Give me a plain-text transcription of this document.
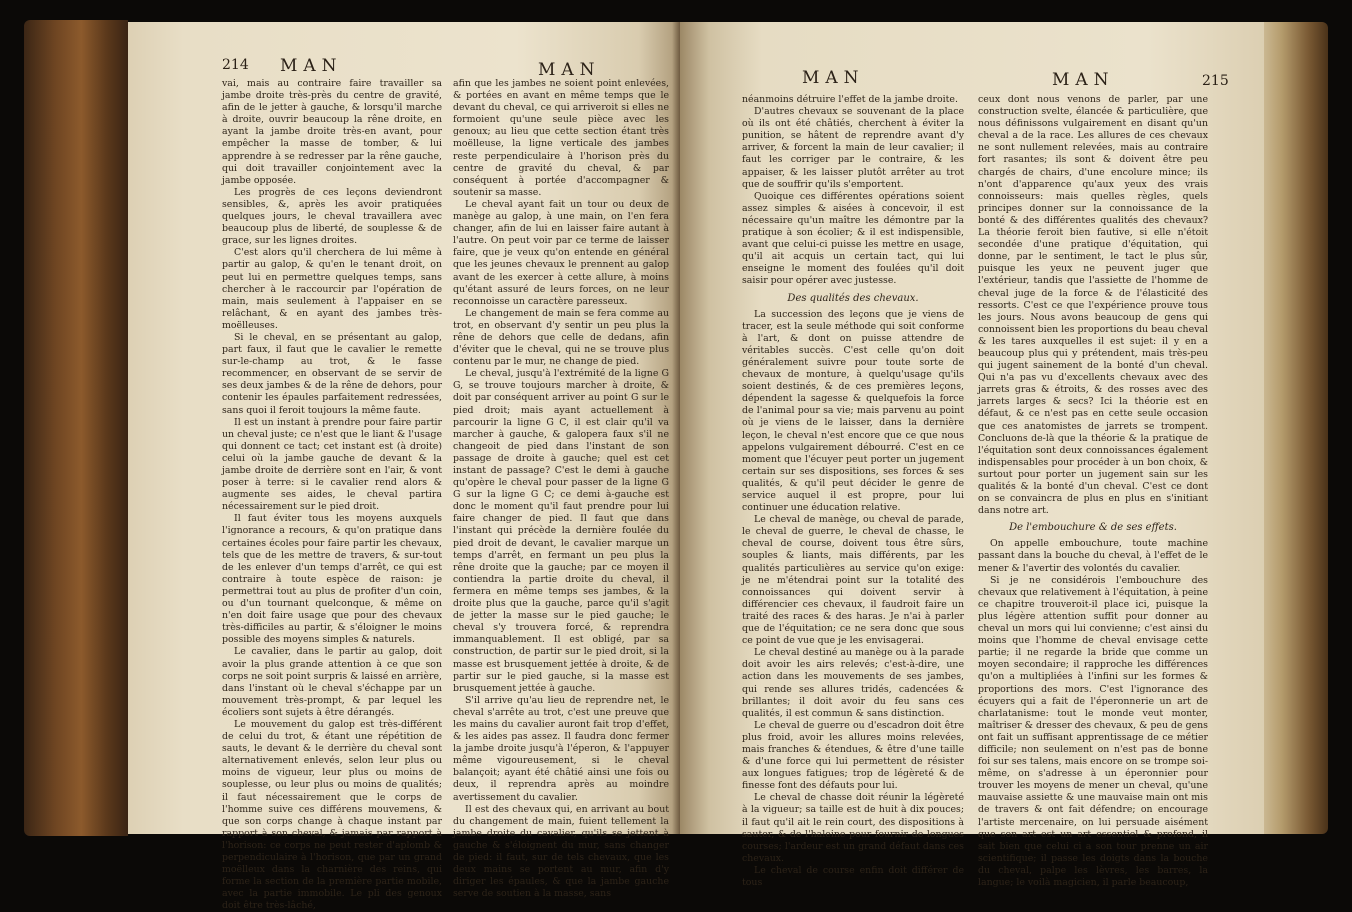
214 MAN	MAN

vai, mais au contraire faire travailler sa jambe droite très-près du centre de gravité, afin de le jetter à gauche, & lorsqu'il marche à droite, ouvrir beaucoup la rêne droite, en ayant la jambe droite très-en avant, pour empêcher la masse de tomber, & lui apprendre à se redresser par la rêne gauche, qui doit travailler conjointement avec la jambe opposée.

Les progrès de ces leçons deviendront sensibles, &, après les avoir pratiquées quelques jours, le cheval travaillera avec beaucoup plus de liberté, de souplesse & de grace, sur les lignes droites.

C'est alors qu'il cherchera de lui même à partir au galop, & qu'en le tenant droit, on peut lui en permettre quelques temps, sans chercher à le raccourcir par l'opération de main, mais seulement à l'appaiser en se relâchant, & en ayant des jambes très-moëlleuses.

Si le cheval, en se présentant au galop, part faux, il faut que le cavalier le remette sur-le-champ au trot, & le fasse recommencer, en observant de se servir de ses deux jambes & de la rêne de dehors, pour contenir les épaules parfaitement redressées, sans quoi il feroit toujours la même faute.

Il est un instant à prendre pour faire partir un cheval juste; ce n'est que le liant & l'usage qui donnent ce tact; cet instant est (à droite) celui où la jambe gauche de devant & la jambe droite de derrière sont en l'air, & vont poser à terre: si le cavalier rend alors & augmente ses aides, le cheval partira nécessairement sur le pied droit.

Il faut éviter tous les moyens auxquels l'ignorance a recours, & qu'on pratique dans certaines écoles pour faire partir les chevaux, tels que de les mettre de travers, & sur-tout de les enlever d'un temps d'arrêt, ce qui est contraire à toute espèce de raison: je permettrai tout au plus de profiter d'un coin, ou d'un tournant quelconque, & même on n'en doit faire usage que pour des chevaux très-difficiles au partir, & s'éloigner le moins possible des moyens simples & naturels.

Le cavalier, dans le partir au galop, doit avoir la plus grande attention à ce que son corps ne soit point surpris & laissé en arrière, dans l'instant où le cheval s'échappe par un mouvement très-prompt, & par lequel les écoliers sont sujets à être dérangés.

Le mouvement du galop est très-différent de celui du trot, & étant une répétition de sauts, le devant & le derrière du cheval sont alternativement enlevés, selon leur plus ou moins de vigueur, leur plus ou moins de souplesse, ou leur plus ou moins de qualités; il faut nécessairement que le corps de l'homme suive ces différens mouvemens, & que son corps change à chaque instant par rapport à son cheval, & jamais par rapport à l'horison: ce corps ne peut rester d'aplomb & perpendiculaire à l'horison, que par un grand moëlleux dans la charnière des reins, qui forme la section de la première partie mobile, avec la partie immobile. Le pli des genoux doit être très-lâché,

afin que les jambes ne soient point enlevées, & portées en avant en même temps que le devant du cheval, ce qui arriveroit si elles ne formoient qu'une seule pièce avec les genoux; au lieu que cette section étant très moëlleuse, la ligne verticale des jambes reste perpendiculaire à l'horison près du centre de gravité du cheval, & par conséquent à portée d'accompagner & soutenir sa masse.

Le cheval ayant fait un tour ou deux de manège au galop, à une main, on l'en fera changer, afin de lui en laisser faire autant à l'autre. On peut voir par ce terme de laisser faire, que je veux qu'on entende en général que les jeunes chevaux le prennent au galop avant de les exercer à cette allure, à moins qu'étant assuré de leurs forces, on ne leur reconnoisse un caractère paresseux.

Le changement de main se fera comme au trot, en observant d'y sentir un peu plus la rêne de dehors que celle de dedans, afin d'éviter que le cheval, qui ne se trouve plus contenu par le mur, ne change de pied.

Le cheval, jusqu'à l'extrémité de la ligne G G, se trouve toujours marcher à droite, & doit par conséquent arriver au point G sur le pied droit; mais ayant actuellement à parcourir la ligne G C, il est clair qu'il va marcher à gauche, & galopera faux s'il ne changeoit de pied dans l'instant de son passage de droite à gauche; quel est cet instant de passage? C'est le demi à gauche qu'opère le cheval pour passer de la ligne G G sur la ligne G C; ce demi à-gauche est donc le moment qu'il faut prendre pour lui faire changer de pied. Il faut que dans l'instant qui précède la dernière foulée du pied droit de devant, le cavalier marque un temps d'arrêt, en fermant un peu plus la rêne droite que la gauche; par ce moyen il contiendra la partie droite du cheval, il fermera en même temps ses jambes, & la droite plus que la gauche, parce qu'il s'agit de jetter la masse sur le pied gauche; le cheval s'y trouvera forcé, & reprendra immanquablement. Il est obligé, par sa construction, de partir sur le pied droit, si la masse est brusquement jettée à droite, & de partir sur le pied gauche, si la masse est brusquement jettée à gauche.

S'il arrive qu'au lieu de reprendre net, le cheval s'arrête au trot, c'est une preuve que les mains du cavalier auront fait trop d'effet, & les aides pas assez. Il faudra donc fermer la jambe droite jusqu'à l'éperon, & l'appuyer même vigoureusement, si le cheval balançoit; ayant été châtié ainsi une fois ou deux, il reprendra après au moindre avertissement du cavalier.

Il est des chevaux qui, en arrivant au bout du changement de main, fuient tellement la jambe droite du cavalier, qu'ils se jettent à gauche & s'éloignent du mur, sans changer de pied: il faut, sur de tels chevaux, que les deux mains se portent au mur, afin d'y diriger les épaules, & que la jambe gauche serve de soutien à la masse, sans

MAN	MAN	215

néanmoins détruire l'effet de la jambe droite.

D'autres chevaux se souvenant de la place où ils ont été châtiés, cherchent à éviter la punition, se hâtent de reprendre avant d'y arriver, & forcent la main de leur cavalier; il faut les corriger par le contraire, & les appaiser, & les laisser plutôt arrêter au trot que de souffrir qu'ils s'emportent.

Quoique ces différentes opérations soient assez simples & aisées à concevoir, il est nécessaire qu'un maître les démontre par la pratique à son écolier; & il est indispensible, avant que celui-ci puisse les mettre en usage, qu'il ait acquis un certain tact, qui lui enseigne le moment des foulées qu'il doit saisir pour opérer avec justesse.

Des qualités des chevaux.

La succession des leçons que je viens de tracer, est la seule méthode qui soit conforme à l'art, & dont on puisse attendre de véritables succès. C'est celle qu'on doit généralement suivre pour toute sorte de chevaux de monture, à quelqu'usage qu'ils soient destinés, & de ces premières leçons, dépendent la sagesse & quelquefois la force de l'animal pour sa vie; mais parvenu au point où je viens de le laisser, dans la dernière leçon, le cheval n'est encore que ce que nous appelons vulgairement débourré. C'est en ce moment que l'écuyer peut porter un jugement certain sur ses dispositions, ses forces & ses qualités, & qu'il peut décider le genre de service auquel il est propre, pour lui continuer une éducation relative.

Le cheval de manège, ou cheval de parade, le cheval de guerre, le cheval de chasse, le cheval de course, doivent tous être sûrs, souples & liants, mais différents, par les qualités particulières au service qu'on exige: je ne m'étendrai point sur la totalité des connoissances qui doivent servir à différencier ces chevaux, il faudroit faire un traité des races & des haras. Je n'ai à parler que de l'équitation; ce ne sera donc que sous ce point de vue que je les envisagerai.

Le cheval destiné au manège ou à la parade doit avoir les airs relevés; c'est-à-dire, une action dans les mouvements de ses jambes, qui rende ses allures tridés, cadencées & brillantes; il doit avoir du feu sans ces qualités, il est commun & sans distinction.

Le cheval de guerre ou d'escadron doit être plus froid, avoir les allures moins relevées, mais franches & étendues, & être d'une taille & d'une force qui lui permettent de résister aux longues fatigues; trop de légèreté & de finesse font des défauts pour lui.

Le cheval de chasse doit réunir la légèreté à la vigueur; sa taille est de huit à dix pouces; il faut qu'il ait le rein court, des dispositions à sauter, & de l'haleine pour fournir de longues courses; l'ardeur est un grand défaut dans ces chevaux.

Le cheval de course enfin doit différer de tous

ceux dont nous venons de parler, par une construction svelte, élancée & particulière, que nous définissons vulgairement en disant qu'un cheval a de la race. Les allures de ces chevaux ne sont nullement relevées, mais au contraire fort rasantes; ils sont & doivent être peu chargés de chairs, d'une encolure mince; ils n'ont d'apparence qu'aux yeux des vrais connoisseurs: mais quelles règles, quels principes donner sur la connoissance de la bonté & des différentes qualités des chevaux? La théorie feroit bien fautive, si elle n'étoit secondée d'une pratique d'équitation, qui donne, par le sentiment, le tact le plus sûr, puisque les yeux ne peuvent juger que l'extérieur, tandis que l'assiette de l'homme de cheval juge de la force & de l'élasticité des ressorts. C'est ce que l'expérience prouve tous les jours. Nous avons beaucoup de gens qui connoissent bien les proportions du beau cheval & les tares auxquelles il est sujet: il y en a beaucoup plus qui y prétendent, mais très-peu qui jugent sainement de la bonté d'un cheval. Qui n'a pas vu d'excellents chevaux avec des jarrets gras & étroits, & des rosses avec des jarrets larges & secs? Ici la théorie est en défaut, & ce n'est pas en cette seule occasion que ces anatomistes de jarrets se trompent. Concluons de-là que la théorie & la pratique de l'équitation sont deux connoissances également indispensables pour procéder à un bon choix, & surtout pour porter un jugement sain sur les qualités & la bonté d'un cheval. C'est ce dont on se convaincra de plus en plus en s'initiant dans notre art.

De l'embouchure & de ses effets.

On appelle embouchure, toute machine passant dans la bouche du cheval, à l'effet de le mener & l'avertir des volontés du cavalier.

Si je ne considérois l'embouchure des chevaux que relativement à l'équitation, à peine ce chapitre trouveroit-il place ici, puisque la plus légère attention suffit pour donner au cheval un mors qui lui convienne; c'est ainsi du moins que l'homme de cheval envisage cette partie; il ne regarde la bride que comme un moyen secondaire; il rapproche les différences qu'on a multipliées à l'infini sur les formes & proportions des mors. C'est l'ignorance des écuyers qui a fait de l'éperonnerie un art de charlatanisme: tout le monde veut monter, maîtriser & dresser des chevaux, & peu de gens ont fait un suffisant apprentissage de ce métier difficile; non seulement on n'est pas de bonne foi sur ses talens, mais encore on se trompe soi-même, on s'adresse à un éperonnier pour trouver les moyens de mener un cheval, qu'une mauvaise assiette & une mauvaise main ont mis de travers & ont fait défendre; on encourage l'artiste mercenaire, on lui persuade aisément que son art est un art essentiel & profond, il sait bien que celui ci a son tour prenne un air scientifique; il passe les doigts dans la bouche du cheval, palpe les lèvres, les barres, la langue; le voilà magicien, il parle beaucoup,
